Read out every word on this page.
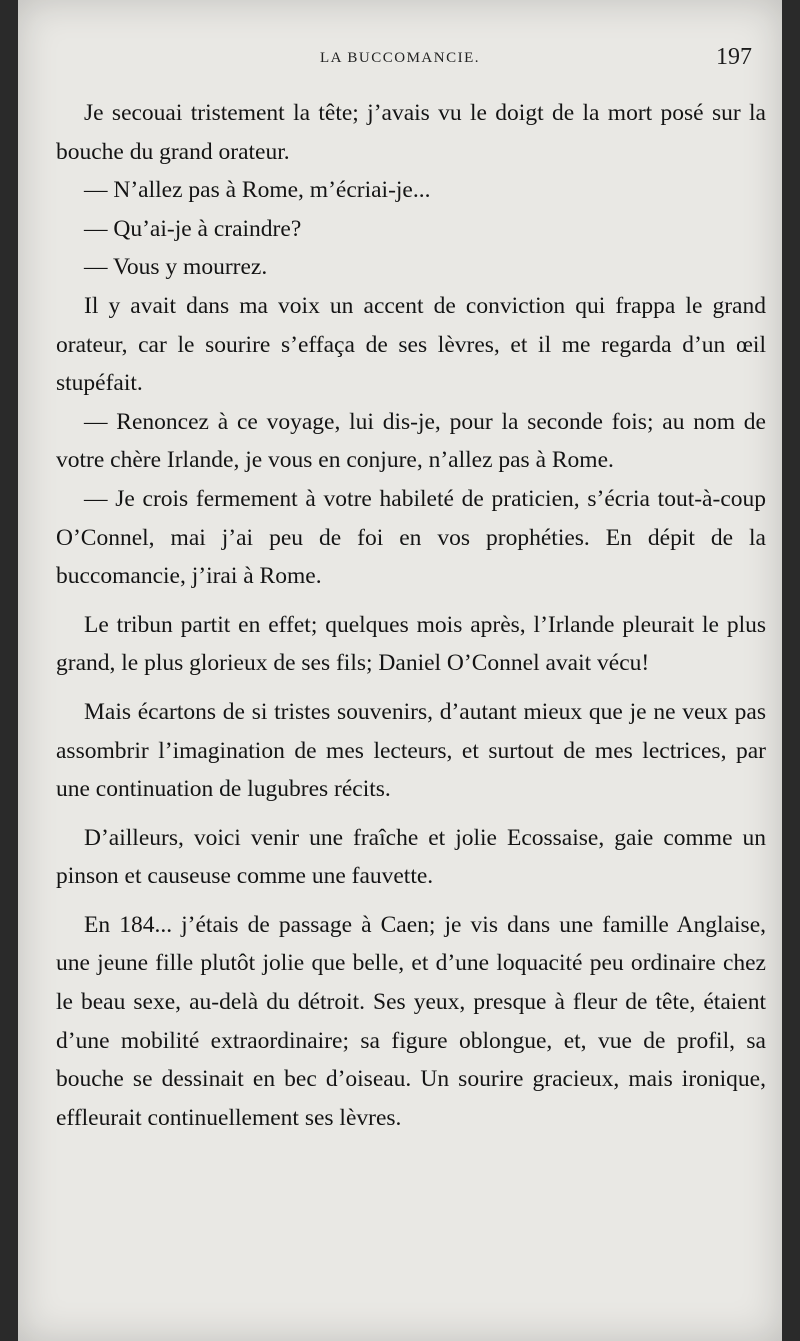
LA BUCCOMANCIE.	197

Je secouai tristement la tête; j’avais vu le doigt de la mort posé sur la bouche du grand orateur.

— N’allez pas à Rome, m’écriai-je...

— Qu’ai-je à craindre?

— Vous y mourrez.

Il y avait dans ma voix un accent de conviction qui frappa le grand orateur, car le sourire s’effaça de ses lèvres, et il me regarda d’un œil stupéfait.

— Renoncez à ce voyage, lui dis-je, pour la seconde fois; au nom de votre chère Irlande, je vous en conjure, n’allez pas à Rome.

— Je crois fermement à votre habileté de praticien, s’écria tout-à-coup O’Connel, mai j’ai peu de foi en vos prophéties. En dépit de la buccomancie, j’irai à Rome.

Le tribun partit en effet; quelques mois après, l’Irlande pleurait le plus grand, le plus glorieux de ses fils; Daniel O’Connel avait vécu!

Mais écartons de si tristes souvenirs, d’autant mieux que je ne veux pas assombrir l’imagination de mes lecteurs, et surtout de mes lectrices, par une continuation de lugubres récits.

D’ailleurs, voici venir une fraîche et jolie Ecossaise, gaie comme un pinson et causeuse comme une fauvette.

En 184... j’étais de passage à Caen; je vis dans une famille Anglaise, une jeune fille plutôt jolie que belle, et d’une loquacité peu ordinaire chez le beau sexe, au-delà du détroit. Ses yeux, presque à fleur de tête, étaient d’une mobilité extraordinaire; sa figure oblongue, et, vue de profil, sa bouche se dessinait en bec d’oiseau. Un sourire gracieux, mais ironique, effleurait continuellement ses lèvres.
